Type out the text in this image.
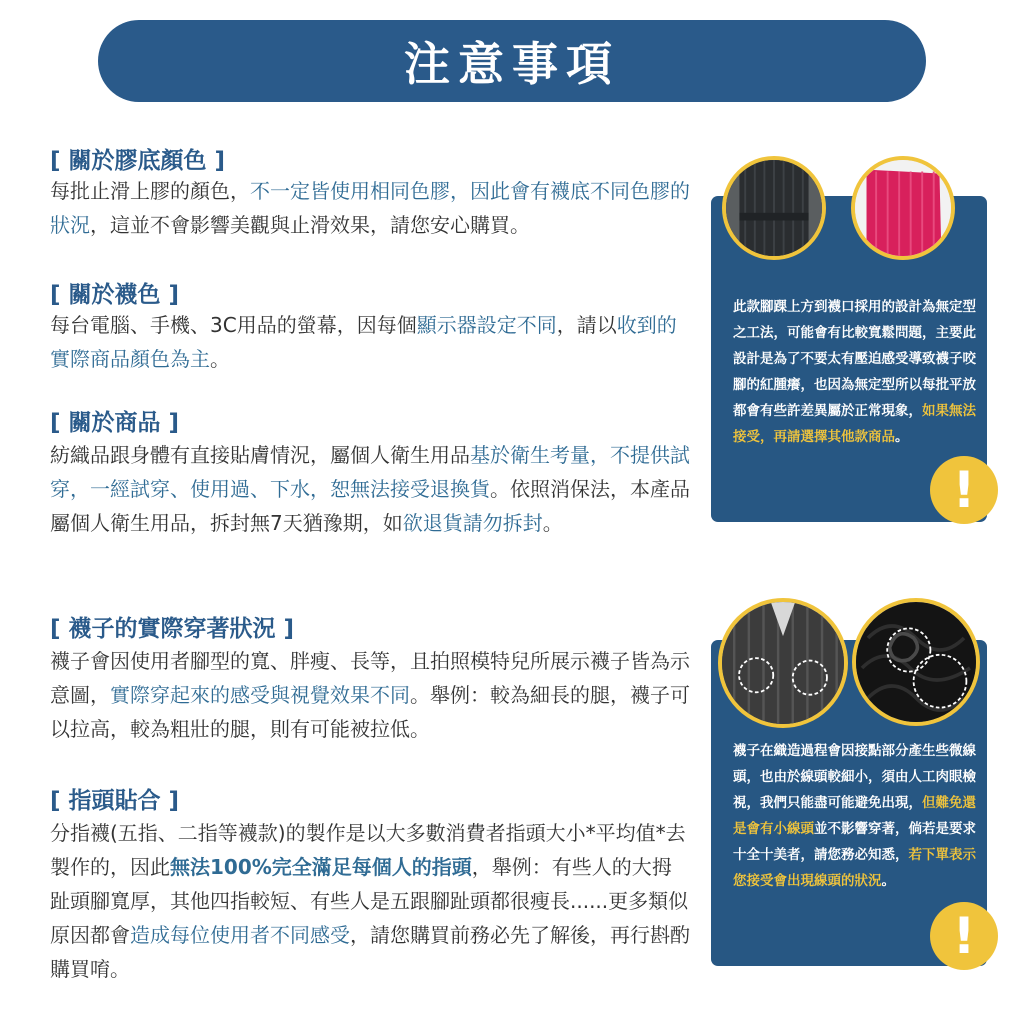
注意事項
[ 關於膠底顏色 ]

每批止滑上膠的顏色，不一定皆使用相同色膠，因此會有襪底不同色膠的狀況，這並不會影響美觀與止滑效果，請您安心購買。

[ 關於襪色 ]

每台電腦、手機、3C用品的螢幕，因每個顯示器設定不同，請以收到的實際商品顏色為主。

[ 關於商品 ]

紡織品跟身體有直接貼膚情況，屬個人衛生用品基於衛生考量，不提供試穿，一經試穿、使用過、下水，恕無法接受退換貨。依照消保法，本產品屬個人衛生用品，拆封無7天猶豫期，如欲退貨請勿拆封。

[ 襪子的實際穿著狀況 ]

襪子會因使用者腳型的寬、胖瘦、長等，且拍照模特兒所展示襪子皆為示意圖，實際穿起來的感受與視覺效果不同。舉例：較為細長的腿，襪子可以拉高，較為粗壯的腿，則有可能被拉低。

[ 指頭貼合 ]

分指襪(五指、二指等襪款)的製作是以大多數消費者指頭大小*平均值*去製作的，因此無法100%完全滿足每個人的指頭，舉例：有些人的大拇趾頭腳寬厚，其他四指較短、有些人是五跟腳趾頭都很瘦長......更多類似原因都會造成每位使用者不同感受，請您購買前務必先了解後，再行斟酌購買唷。

此款腳踝上方到襪口採用的設計為無定型之工法，可能會有比較寬鬆問題，主要此設計是為了不要太有壓迫感受導致襪子咬腳的紅腫癢，也因為無定型所以每批平放都會有些許差異屬於正常現象，如果無法接受，再請選擇其他款商品。

!

襪子在織造過程會因接點部分產生些微線頭，也由於線頭較細小，須由人工肉眼檢視，我們只能盡可能避免出現，但難免還是會有小線頭並不影響穿著，倘若是要求十全十美者，請您務必知悉，若下單表示您接受會出現線頭的狀況。

!
